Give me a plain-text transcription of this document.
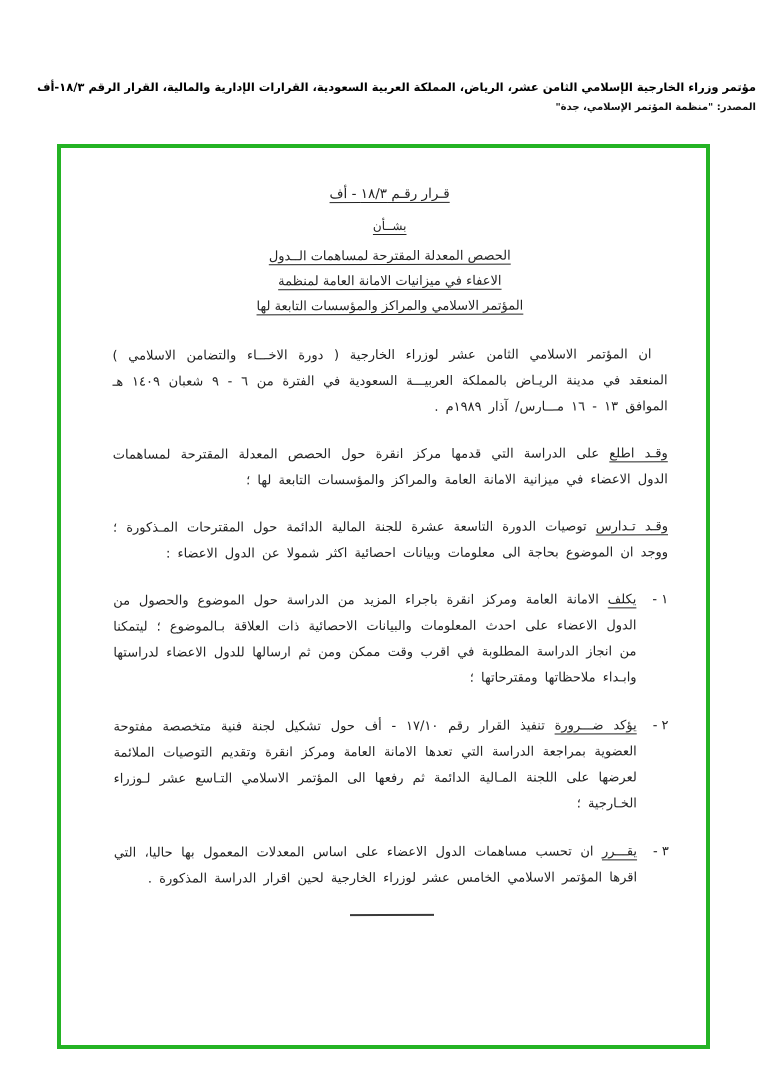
مؤتمر وزراء الخارجية الإسلامي الثامن عشر، الرياض، المملكة العربية السعودية، القرارات الإدارية والمالية، القرار الرقم ١٨/٣-أف
المصدر: "منظمة المؤتمر الإسلامي، جدة"
قـرار رقـم ١٨/٣ - أف
بشــأن
الحصص المعدلة المقترحة لمساهمات الــدول
الاعفاء في ميزانيات الامانة العامة لمنظمة
المؤتمر الاسلامي والمراكز والمؤسسات التابعة لها

ان المؤتمر الاسلامي الثامن عشر لوزراء الخارجية ( دورة الاخـــاء والتضامن الاسلامي ) المنعقد في مدينة الريـاض بالمملكة العربيـــة السعودية في الفترة من ٦ - ٩ شعبان ١٤٠٩ هـ الموافق ١٣ - ١٦ مـــارس/ آذار ١٩٨٩م .

وقـد اطلع على الدراسة التي قدمها مركز انقرة حول الحصص المعدلة المقترحة لمساهمات الدول الاعضاء في ميزانية الامانة العامة والمراكز والمؤسسات التابعة لها ؛

وقـد تـدارس توصيات الدورة التاسعة عشرة للجنة المالية الدائمة حول المقترحات المـذكورة ؛ ووجد ان الموضوع بحاجة الى معلومات وبيانات احصائية اكثر شمولا عن الدول الاعضاء :

١ -

يكلف الامانة العامة ومركز انقرة باجراء المزيد من الدراسة حول الموضوع والحصول من الدول الاعضاء على احدث المعلومات والبيانات الاحصائية ذات العلاقة بـالموضوع ؛ ليتمكنا من انجاز الدراسة المطلوبة في اقرب وقت ممكن ومن ثم ارسالها للدول الاعضاء لدراستها وابـداء ملاحظاتها ومقترحاتها ؛

٢ -

يؤكد ضـــرورة تنفيذ القرار رقم ١٧/١٠ - أف حول تشكيل لجنة فنية متخصصة مفتوحة العضوية بمراجعة الدراسة التي تعدها الامانة العامة ومركز انقرة وتقديم التوصيات الملائمة لعرضها على اللجنة المـالية الدائمة ثم رفعها الى المؤتمر الاسلامي التـاسع عشر لـوزراء الخـارجية ؛

٣ -

يقـــرر ان تحسب مساهمات الدول الاعضاء على اساس المعدلات المعمول بها حاليا، التي اقرها المؤتمر الاسلامي الخامس عشر لوزراء الخارجية لحين اقرار الدراسة المذكورة .
